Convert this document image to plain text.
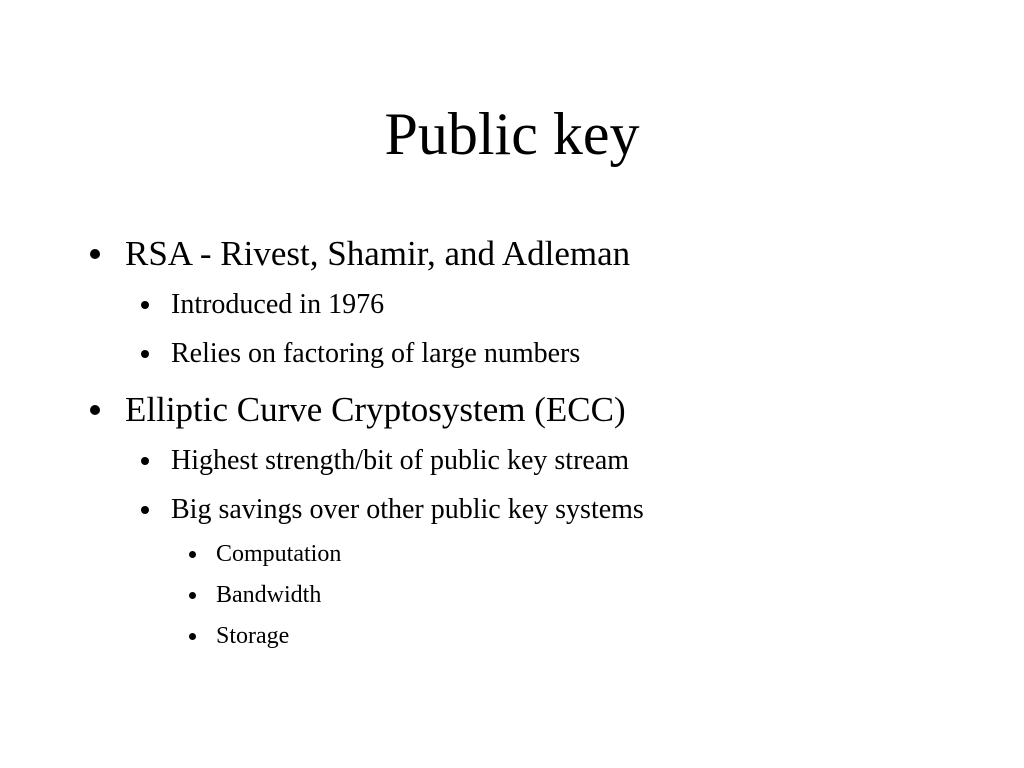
Public key
RSA - Rivest, Shamir, and Adleman
Introduced in 1976
Relies on factoring of large numbers
Elliptic Curve Cryptosystem (ECC)
Highest strength/bit of public key stream
Big savings over other public key systems
Computation
Bandwidth
Storage
